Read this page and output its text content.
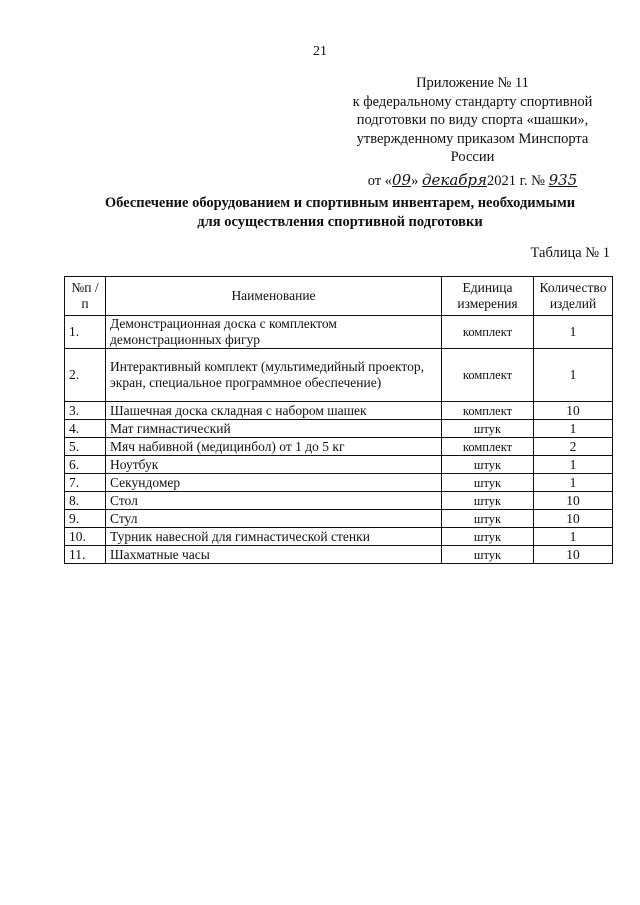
21
Приложение № 11
к федеральному стандарту спортивной
подготовки по виду спорта «шашки»,
утвержденному приказом Минспорта
России
от «09» декабря2021 г. № 935
Обеспечение оборудованием и спортивным инвентарем, необходимыми
для осуществления спортивной подготовки
Таблица № 1
№п /п	Наименование	Единица измерения	Количество изделий
1.	Демонстрационная доска с комплектом демонстрационных фигур	комплект	1
2.	Интерактивный комплект (мультимедийный проектор, экран, специальное программное обеспечение)	комплект	1
3.	Шашечная доска складная с набором шашек	комплект	10
4.	Мат гимнастический	штук	1
5.	Мяч набивной (медицинбол) от 1 до 5 кг	комплект	2
6.	Ноутбук	штук	1
7.	Секундомер	штук	1
8.	Стол	штук	10
9.	Стул	штук	10
10.	Турник навесной для гимнастической стенки	штук	1
11.	Шахматные часы	штук	10
